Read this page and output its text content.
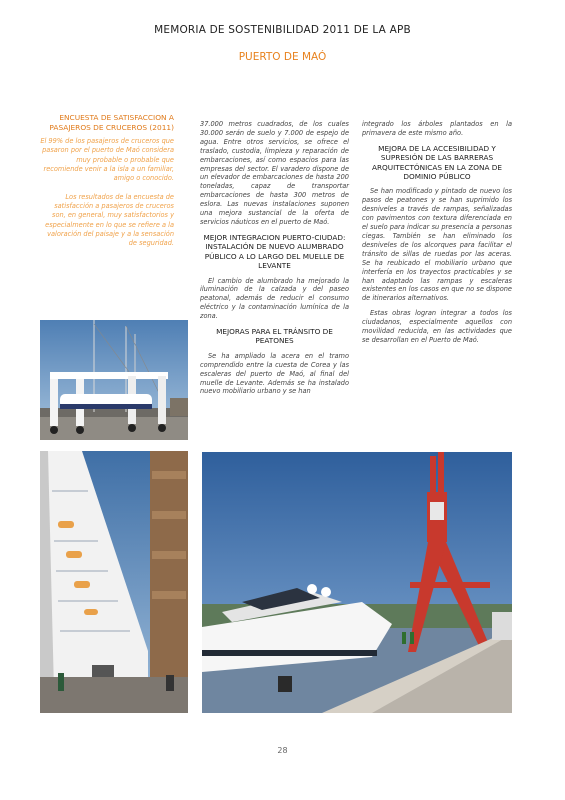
MEMORIA DE SOSTENIBILIDAD 2011 DE LA APB
PUERTO DE MAÓ
ENCUESTA DE SATISFACCION A PASAJEROS DE CRUCEROS (2011)

El 99% de los pasajeros de cruceros que pasaron por el puerto de Maó considera muy probable o probable que recomiende venir a la isla a un familiar, amigo o conocido.

Los resultados de la encuesta de satisfacción a pasajeros de cruceros son, en general, muy satisfactorios y especialmente en lo que se refiere a la valoración del paisaje y a la sensación de seguridad.

37.000 metros cuadrados, de los cuales 30.000 serán de suelo y 7.000 de espejo de agua. Entre otros servicios, se ofrece el traslado, custodia, limpieza y reparación de embarcaciones, así como espacios para las empresas del sector. El varadero dispone de un elevador de embarcaciones de hasta 200 toneladas, capaz de transportar embarcaciones de hasta 300 metros de eslora. Las nuevas instalaciones suponen una mejora sustancial de la oferta de servicios náuticos en el puerto de Maó.

MEJOR INTEGRACION PUERTO-CIUDAD: INSTALACIÓN DE NUEVO ALUMBRADO PÚBLICO A LO LARGO DEL MUELLE DE LEVANTE

El cambio de alumbrado ha mejorado la iluminación de la calzada y del paseo peatonal, además de reducir el consumo eléctrico y la contaminación lumínica de la zona.

MEJORAS PARA EL TRÁNSITO DE PEATONES

Se ha ampliado la acera en el tramo comprendido entre la cuesta de Corea y las escaleras del puerto de Maó, al final del muelle de Levante. Además se ha instalado nuevo mobiliario urbano y se han

integrado los árboles plantados en la primavera de este mismo año.

MEJORA DE LA ACCESIBILIDAD Y SUPRESIÓN DE LAS BARRERAS ARQUITECTÓNICAS EN LA ZONA DE DOMINIO PÚBLICO

Se han modificado y pintado de nuevo los pasos de peatones y se han suprimido los desniveles a través de rampas, señalizadas con pavimentos con textura diferenciada en el suelo para indicar su presencia a personas ciegas. También se han eliminado los desniveles de los alcorques para facilitar el tránsito de sillas de ruedas por las aceras. Se ha reubicado el mobiliario urbano que interfería en los trayectos practicables y se han adaptado las rampas y escaleras existentes en los casos en que no se dispone de itinerarios alternativos.

Estas obras logran integrar a todos los ciudadanos, especialmente aquellos con movilidad reducida, en las actividades que se desarrollan en el Puerto de Maó.

28
